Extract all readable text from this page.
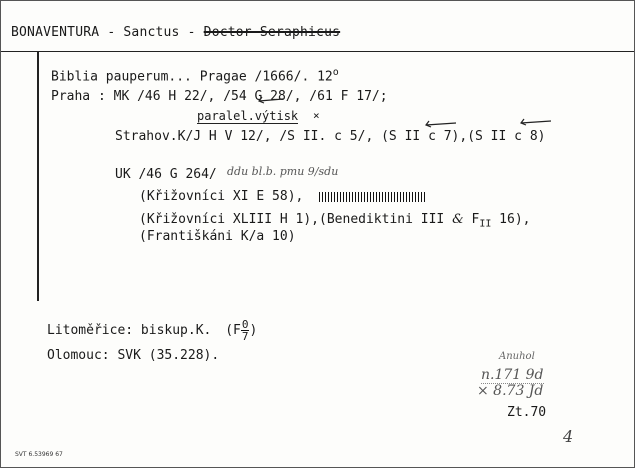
BONAVENTURA - Sanctus - Doctor Seraphicus
Biblia pauperum... Pragae /1666/. 12$^o$
Praha : MK /46 H 22/, /54 G 28/, /61 F 17/;
paralel.výtisk ×
Strahov.K/J H V 12/, /S II. c 5/, (S II c 7),(S II c 8)
UK /46 G 264/ ddu bl.b. pmu 9/sdu
(Křižovníci XI E 58),
(Křižovníci XLIII H 1),(Benediktini III & $F_{II}$ 16),
(Františkáni K/a 10)
Litoměřice: biskup.K. ($F \frac{0}{7}$ )
Olomouc: SVK (35.228).	Anuhol
n.171 9d
× 8.73 Jd
Zt.70
4
SVT 6.53969 67
